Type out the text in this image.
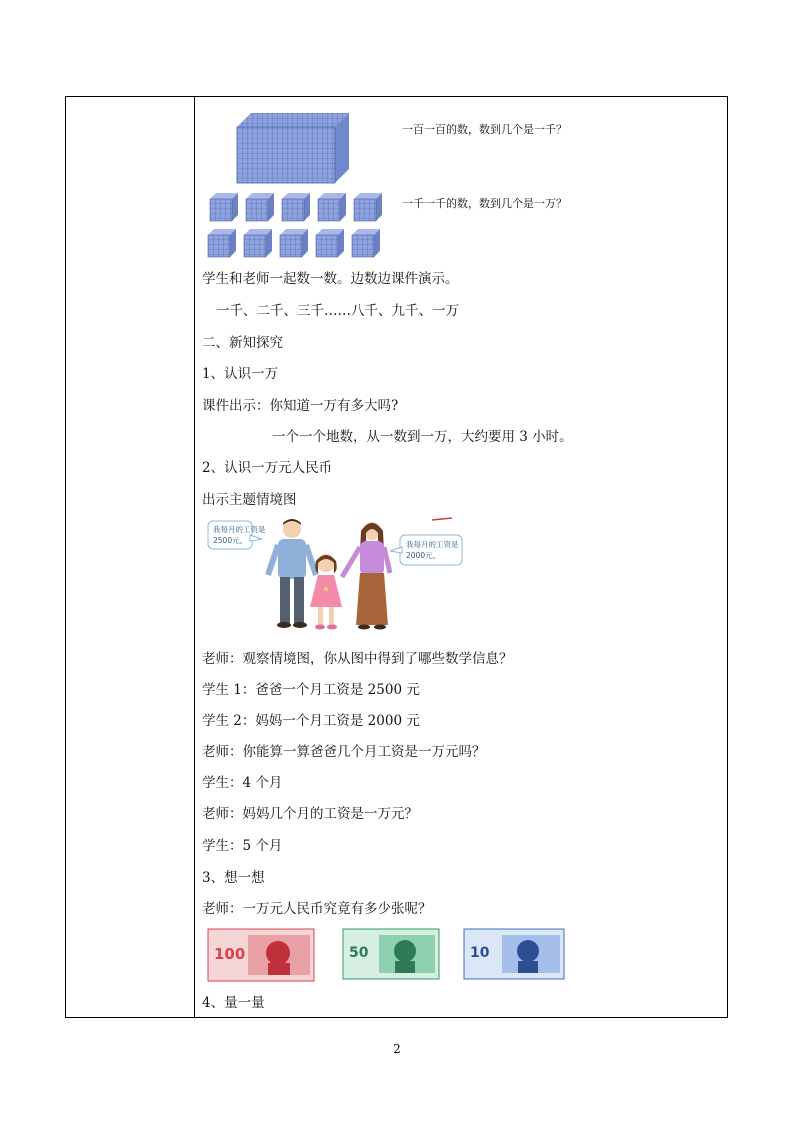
一百一百的数，数到几个是一千？
一千一千的数，数到几个是一万？
学生和老师一起数一数。边数边课件演示。
一千、二千、三千……八千、九千、一万
二、新知探究
1、认识一万
课件出示：你知道一万有多大吗?
一个一个地数，从一数到一万，大约要用 3 小时。
2、认识一万元人民币
出示主题情境图
我每月的工资是
2500元。	我每月的工资是
2000元。
老师：观察情境图，你从图中得到了哪些数学信息？
学生 1：爸爸一个月工资是 2500 元
学生 2：妈妈一个月工资是 2000 元
老师：你能算一算爸爸几个月工资是一万元吗？
学生：4 个月
老师：妈妈几个月的工资是一万元？
学生：5 个月
3、想一想
老师：一万元人民币究竟有多少张呢？
100	50	10
4、量一量
2
